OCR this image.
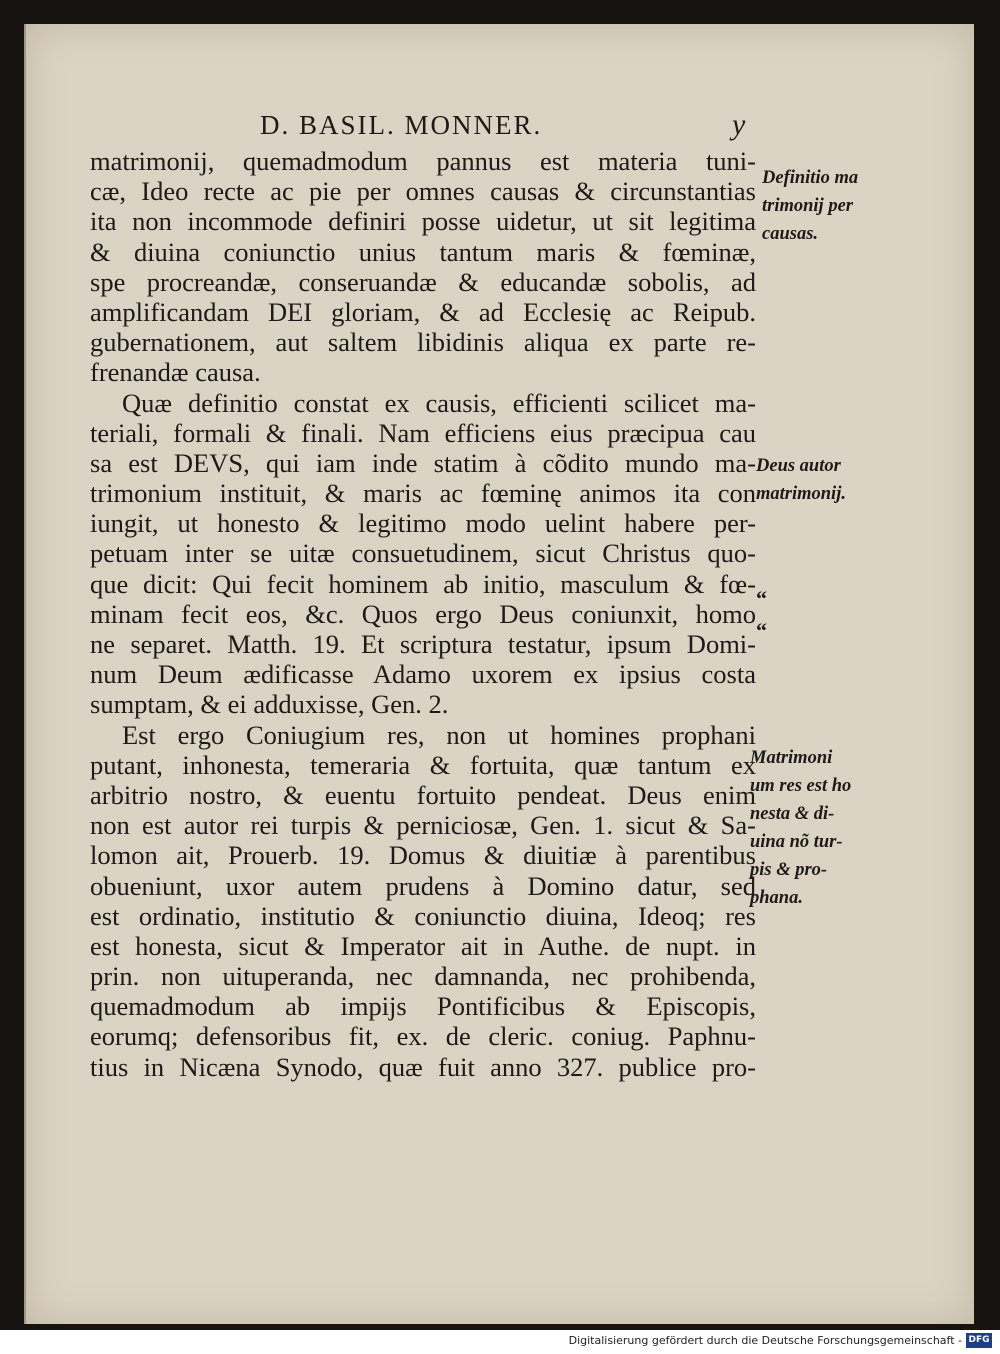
D. BASIL. MONNER.	y
matrimonij, quemadmodum pannus est materia tuni-
cæ, Ideo recte ac pie per omnes causas & circunstantias
ita non incommode definiri posse uidetur, ut sit legitima
& diuina coniunctio unius tantum maris & fœminæ,
spe procreandæ, conseruandæ & educandæ sobolis, ad
amplificandam DEI gloriam, & ad Ecclesię ac Reipub.
gubernationem, aut saltem libidinis aliqua ex parte re-
frenandæ causa.
Quæ definitio constat ex causis, efficienti scilicet ma-
teriali, formali & finali. Nam efficiens eius præcipua cau
sa est DEVS, qui iam inde statim à cõdito mundo ma-
trimonium instituit, & maris ac fœminę animos ita con
iungit, ut honesto & legitimo modo uelint habere per-
petuam inter se uitæ consuetudinem, sicut Christus quo-
que dicit: Qui fecit hominem ab initio, masculum & fœ-
minam fecit eos, &c. Quos ergo Deus coniunxit, homo
ne separet. Matth. 19. Et scriptura testatur, ipsum Domi-
num Deum ædificasse Adamo uxorem ex ipsius costa
sumptam, & ei adduxisse, Gen. 2.
Est ergo Coniugium res, non ut homines prophani
putant, inhonesta, temeraria & fortuita, quæ tantum ex
arbitrio nostro, & euentu fortuito pendeat. Deus enim
non est autor rei turpis & perniciosæ, Gen. 1. sicut & Sa-
lomon ait, Prouerb. 19. Domus & diuitiæ à parentibus
obueniunt, uxor autem prudens à Domino datur, sed
est ordinatio, institutio & coniunctio diuina, Ideoq; res
est honesta, sicut & Imperator ait in Authe. de nupt. in
prin. non uituperanda, nec damnanda, nec prohibenda,
quemadmodum ab impijs Pontificibus & Episcopis,
eorumq; defensoribus fit, ex. de cleric. coniug. Paphnu-
tius in Nicæna Synodo, quæ fuit anno 327. publice pro-
Definitio ma
trimonij per
causas.
Deus autor
matrimonij.
“
“
Matrimoni
um res est ho
nesta & di-
uina nõ tur-
pis & pro-
phana.
Digitalisierung gefördert durch die Deutsche Forschungsgemeinschaft - DFG
